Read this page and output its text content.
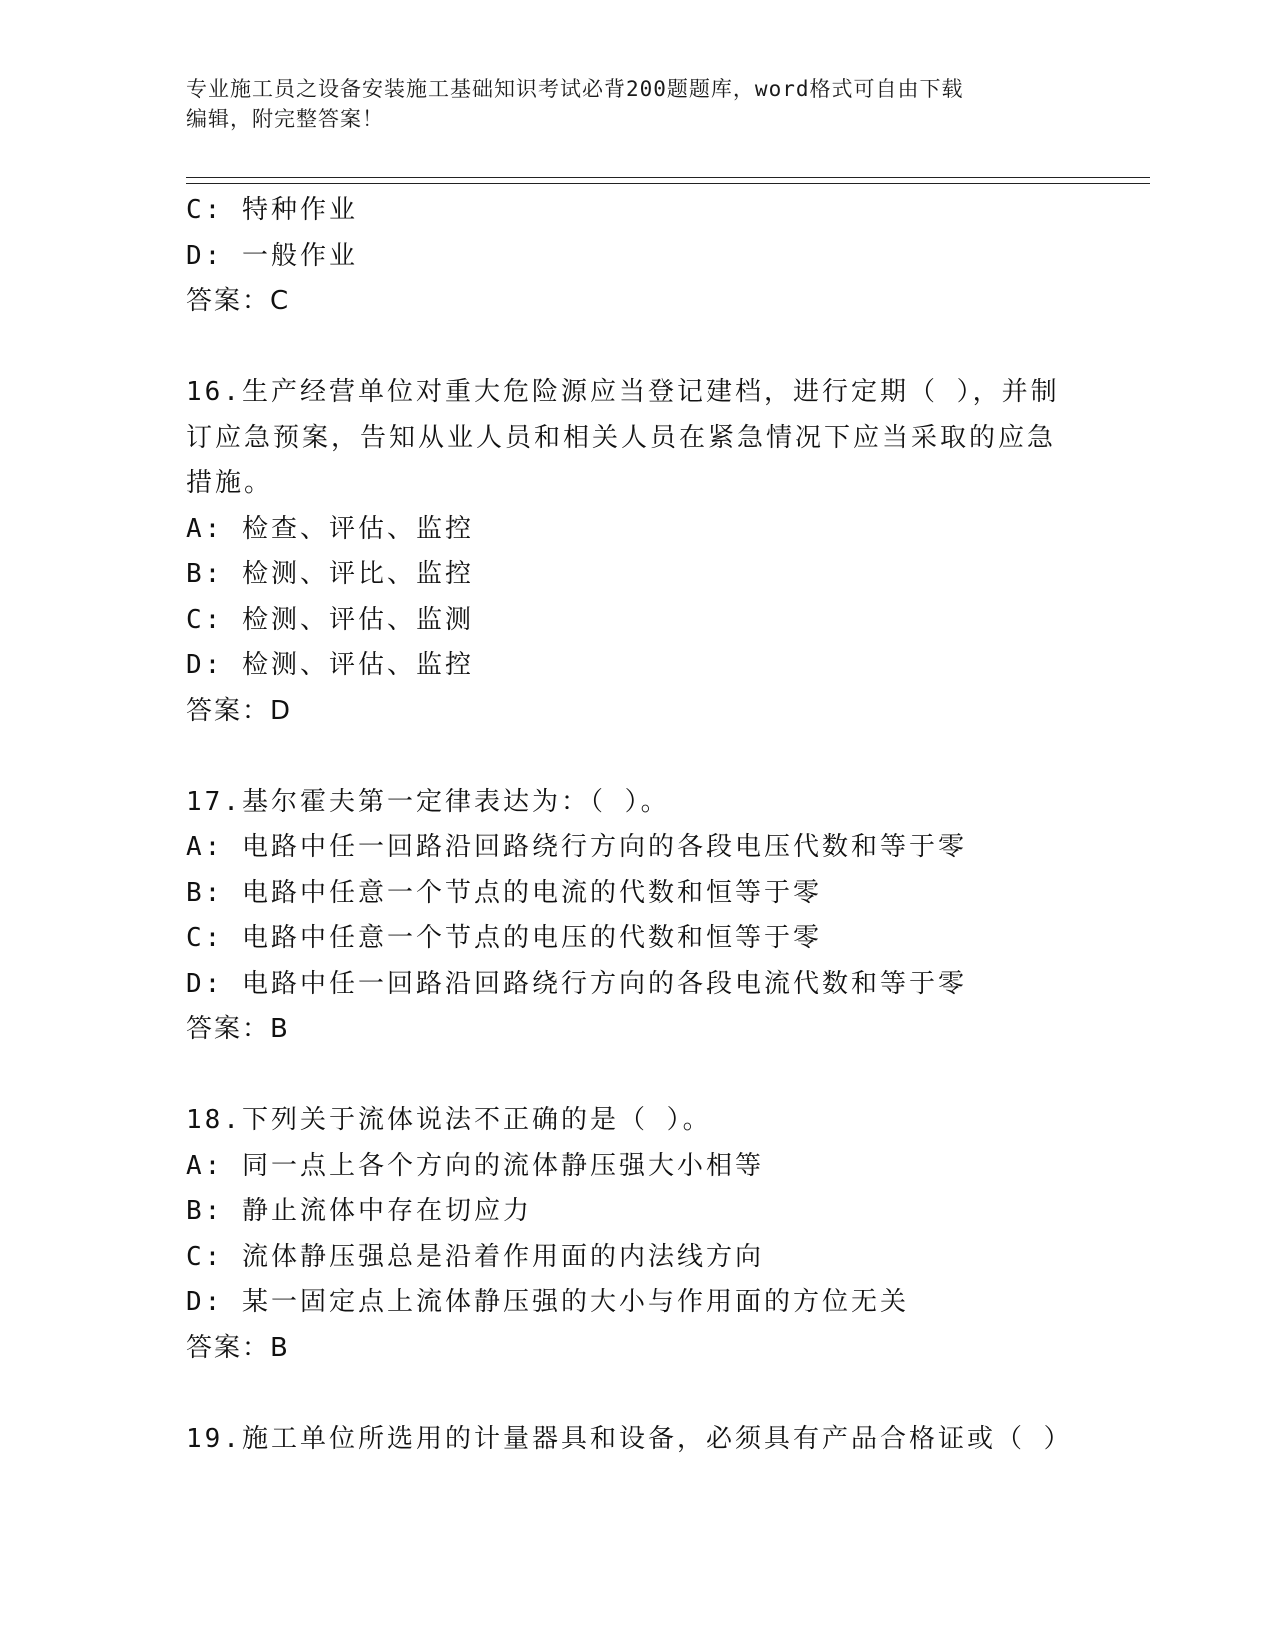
专业施工员之设备安装施工基础知识考试必背200题题库，word格式可自由下载
编辑，附完整答案！
C: 特种作业
D: 一般作业
答案：C
16.生产经营单位对重大危险源应当登记建档，进行定期（ ），并制
订应急预案，告知从业人员和相关人员在紧急情况下应当采取的应急
措施。
A: 检查、评估、监控
B: 检测、评比、监控
C: 检测、评估、监测
D: 检测、评估、监控
答案：D
17.基尔霍夫第一定律表达为：（ ）。
A: 电路中任一回路沿回路绕行方向的各段电压代数和等于零
B: 电路中任意一个节点的电流的代数和恒等于零
C: 电路中任意一个节点的电压的代数和恒等于零
D: 电路中任一回路沿回路绕行方向的各段电流代数和等于零
答案：B
18.下列关于流体说法不正确的是（ ）。
A: 同一点上各个方向的流体静压强大小相等
B: 静止流体中存在切应力
C: 流体静压强总是沿着作用面的内法线方向
D: 某一固定点上流体静压强的大小与作用面的方位无关
答案：B
19.施工单位所选用的计量器具和设备，必须具有产品合格证或（ ）
